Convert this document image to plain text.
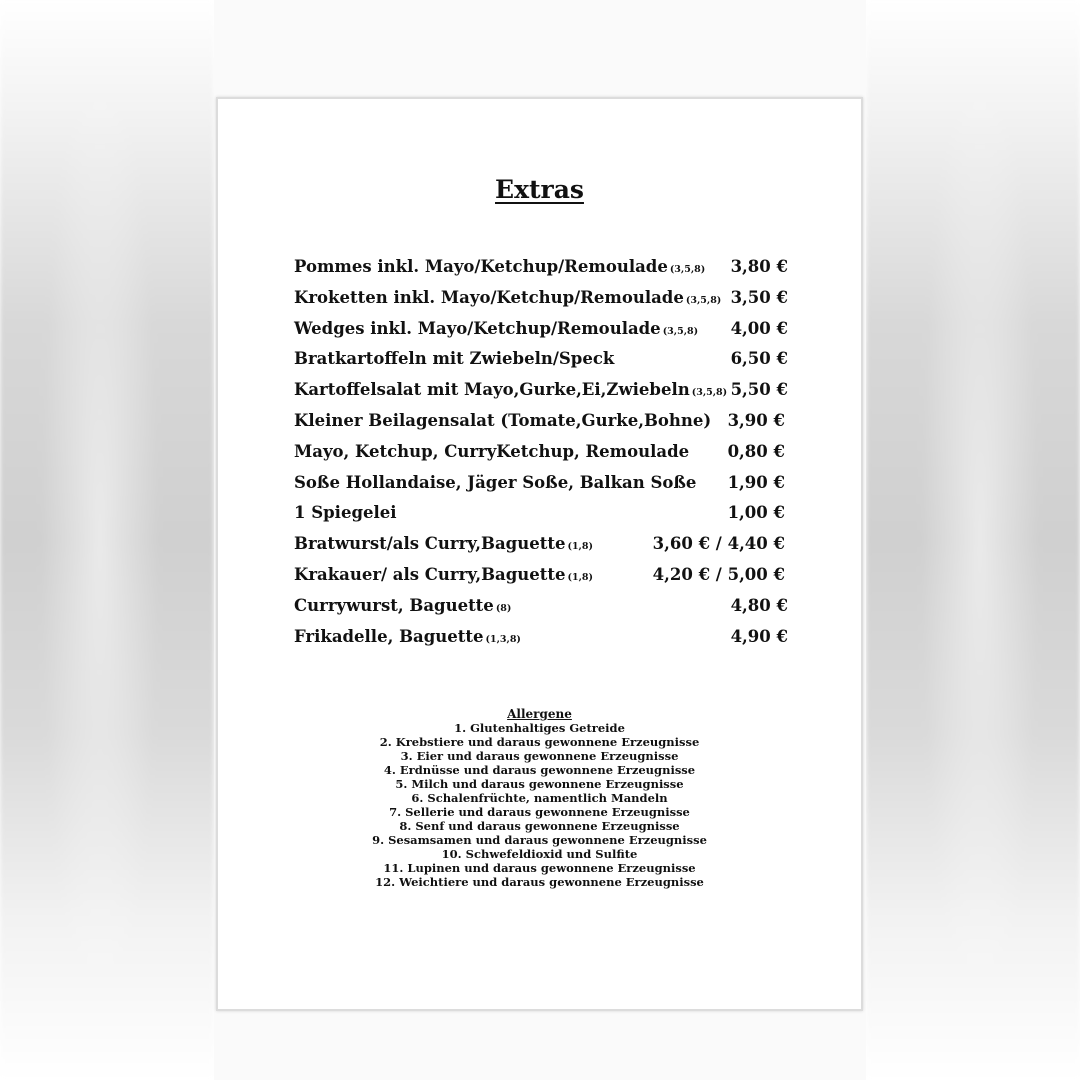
Extras
Pommes inkl. Mayo/Ketchup/Remoulade (3,5,8) 3,80 €
Kroketten inkl. Mayo/Ketchup/Remoulade (3,5,8) 3,50 €
Wedges inkl. Mayo/Ketchup/Remoulade (3,5,8) 4,00 €
Bratkartoffeln mit Zwiebeln/Speck	6,50 €
Kartoffelsalat mit Mayo,Gurke,Ei,Zwiebeln (3,5,8) 5,50 €
Kleiner Beilagensalat (Tomate,Gurke,Bohne) 3,90 €
Mayo, Ketchup, CurryKetchup, Remoulade 0,80 €
Soße Hollandaise, Jäger Soße, Balkan Soße 1,90 €
1 Spiegelei	1,00 €
Bratwurst/als Curry,Baguette (1,8)	3,60 € / 4,40 €
Krakauer/ als Curry,Baguette (1,8)	4,20 € / 5,00 €
Currywurst, Baguette (8)	4,80 €
Frikadelle, Baguette (1,3,8)	4,90 €
Allergene
1. Glutenhaltiges Getreide
2. Krebstiere und daraus gewonnene Erzeugnisse
3. Eier und daraus gewonnene Erzeugnisse
4. Erdnüsse und daraus gewonnene Erzeugnisse
5. Milch und daraus gewonnene Erzeugnisse
6. Schalenfrüchte, namentlich Mandeln
7. Sellerie und daraus gewonnene Erzeugnisse
8. Senf und daraus gewonnene Erzeugnisse
9. Sesamsamen und daraus gewonnene Erzeugnisse
10. Schwefeldioxid und Sulfite
11. Lupinen und daraus gewonnene Erzeugnisse
12. Weichtiere und daraus gewonnene Erzeugnisse
